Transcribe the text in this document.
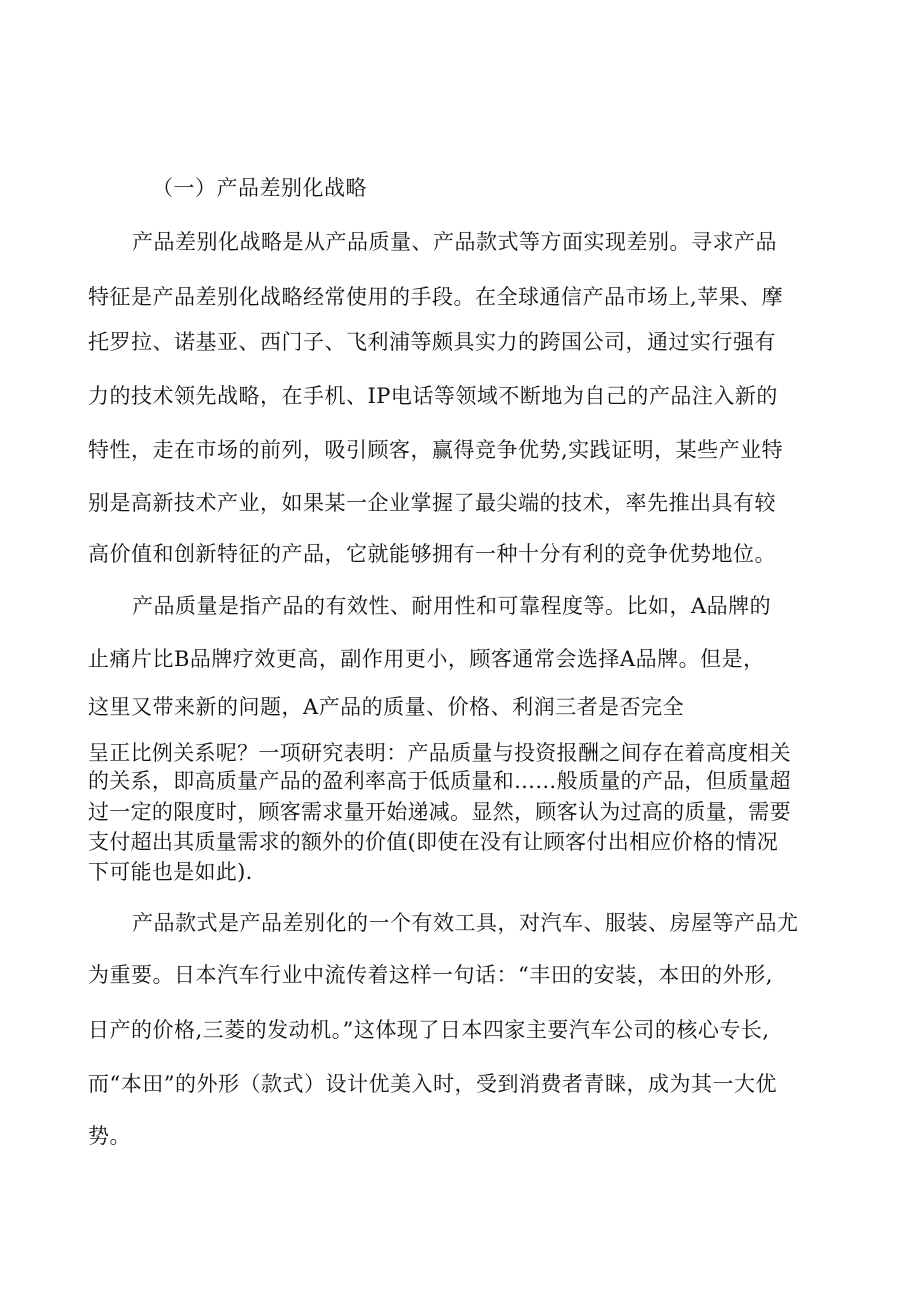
（一）产品差别化战略
产品差别化战略是从产品质量、产品款式等方面实现差别。寻求产品
特征是产品差别化战略经常使用的手段。在全球通信产品市场上,苹果、摩
托罗拉、诺基亚、西门子、飞利浦等颇具实力的跨国公司，通过实行强有
力的技术领先战略，在手机、IP电话等领域不断地为自己的产品注入新的
特性，走在市场的前列，吸引顾客，赢得竞争优势,实践证明，某些产业特
别是高新技术产业，如果某一企业掌握了最尖端的技术，率先推出具有较
高价值和创新特征的产品，它就能够拥有一种十分有利的竞争优势地位。
产品质量是指产品的有效性、耐用性和可靠程度等。比如，A品牌的
止痛片比B品牌疗效更高，副作用更小，顾客通常会选择A品牌。但是，
这里又带来新的问题，A产品的质量、价格、利润三者是否完全
呈正比例关系呢？一项研究表明：产品质量与投资报酬之间存在着高度相关
的关系，即高质量产品的盈利率高于低质量和……般质量的产品，但质量超
过一定的限度时，顾客需求量开始递减。显然，顾客认为过高的质量，需要
支付超出其质量需求的额外的价值(即使在没有让顾客付出相应价格的情况
下可能也是如此).
产品款式是产品差别化的一个有效工具，对汽车、服装、房屋等产品尤
为重要。日本汽车行业中流传着这样一句话：“丰田的安装，本田的外形,
日产的价格,三菱的发动机。”这体现了日本四家主要汽车公司的核心专长,
而“本田”的外形（款式）设计优美入时，受到消费者青睐，成为其一大优
势。
